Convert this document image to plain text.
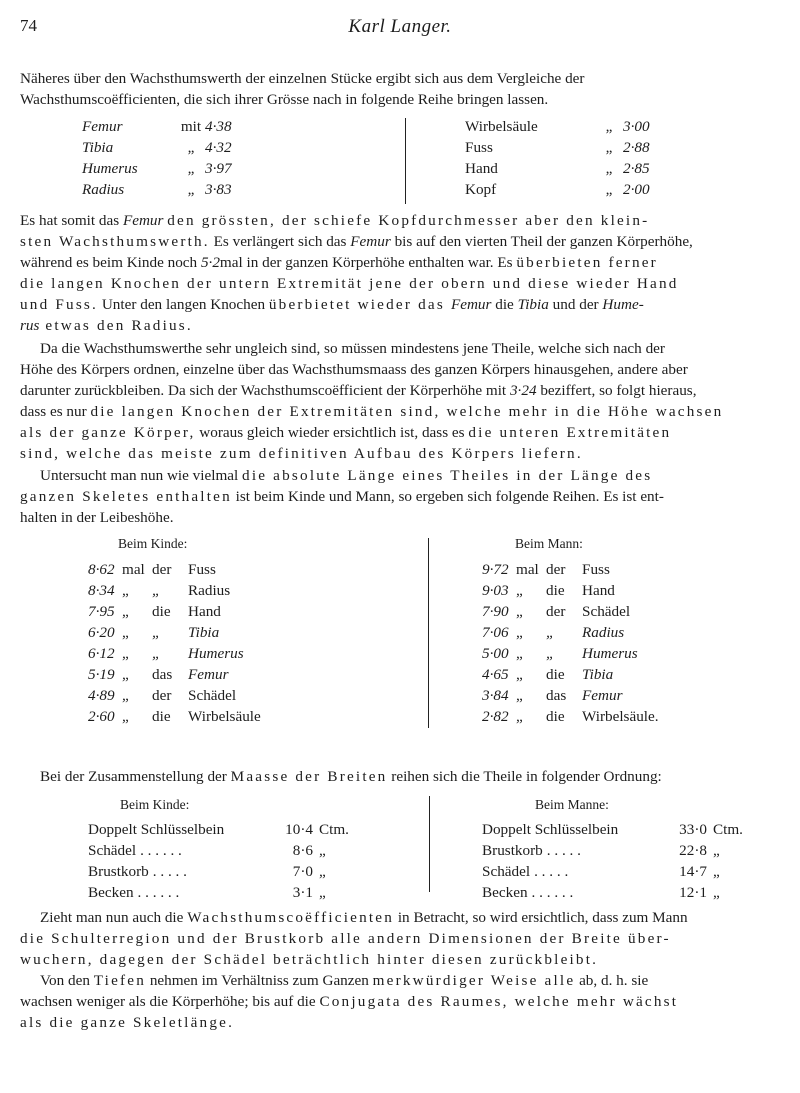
74	Karl Langer.

Näheres über den Wachsthumswerth der einzelnen Stücke ergibt sich aus dem Vergleiche der
Wachsthumscoëfficienten, die sich ihrer Grösse nach in folgende Reihe bringen lassen.

Femur	mit	4·38
Tibia	„	4·32
Humerus	„	3·97
Radius	„	3·83
Wirbelsäule	„	3·00
Fuss	„	2·88
Hand	„	2·85
Kopf	„	2·00

Es hat somit das Femur den grössten, der schiefe Kopfdurchmesser aber den klein-
sten Wachsthumswerth. Es verlängert sich das Femur bis auf den vierten Theil der ganzen Körperhöhe,
während es beim Kinde noch 5·2mal in der ganzen Körperhöhe enthalten war. Es überbieten ferner
die langen Knochen der untern Extremität jene der obern und diese wieder Hand
und Fuss. Unter den langen Knochen überbietet wieder das Femur die Tibia und der Hume-
rus etwas den Radius.

Da die Wachsthumswerthe sehr ungleich sind, so müssen mindestens jene Theile, welche sich nach der
Höhe des Körpers ordnen, einzelne über das Wachsthumsmaass des ganzen Körpers hinausgehen, andere aber
darunter zurückbleiben. Da sich der Wachsthumscoëfficient der Körperhöhe mit 3·24 beziffert, so folgt hieraus,
dass es nur die langen Knochen der Extremitäten sind, welche mehr in die Höhe wachsen
als der ganze Körper, woraus gleich wieder ersichtlich ist, dass es die unteren Extremitäten
sind, welche das meiste zum definitiven Aufbau des Körpers liefern.

Untersucht man nun wie vielmal die absolute Länge eines Theiles in der Länge des
ganzen Skeletes enthalten ist beim Kinde und Mann, so ergeben sich folgende Reihen. Es ist ent-
halten in der Leibeshöhe.

Beim Kinde:	Beim Mann:
8·62	mal	der	Fuss
8·34	„	„	Radius
7·95	„	die	Hand
6·20	„	„	Tibia
6·12	„	„	Humerus
5·19	„	das	Femur
4·89	„	der	Schädel
2·60	„	die	Wirbelsäule
9·72	mal	der	Fuss
9·03	„	die	Hand
7·90	„	der	Schädel
7·06	„	„	Radius
5·00	„	„	Humerus
4·65	„	die	Tibia
3·84	„	das	Femur
2·82	„	die	Wirbelsäule.

Bei der Zusammenstellung der Maasse der Breiten reihen sich die Theile in folgender Ordnung:

Beim Kinde:	Beim Manne:
Doppelt Schlüsselbein	10·4	Ctm.
Schädel . . . . . .	8·6	„
Brustkorb . . . . .	7·0	„
Becken . . . . . .	3·1	„
Doppelt Schlüsselbein	33·0	Ctm.
Brustkorb . . . . .	22·8	„
Schädel . . . . .	14·7	„
Becken . . . . . .	12·1	„

Zieht man nun auch die Wachsthumscoëfficienten in Betracht, so wird ersichtlich, dass zum Mann
die Schulterregion und der Brustkorb alle andern Dimensionen der Breite über-
wuchern, dagegen der Schädel beträchtlich hinter diesen zurückbleibt.

Von den Tiefen nehmen im Verhältniss zum Ganzen merkwürdiger Weise alle ab, d. h. sie
wachsen weniger als die Körperhöhe; bis auf die Conjugata des Raumes, welche mehr wächst
als die ganze Skeletlänge.
